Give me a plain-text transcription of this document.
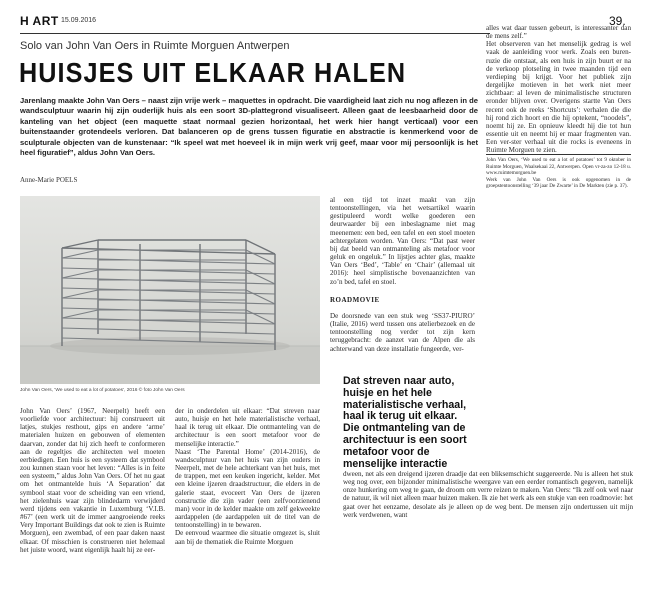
H ART 15.09.2016	39.
Solo van John Van Oers in Ruimte Morguen Antwerpen
HUISJES UIT ELKAAR HALEN
Jarenlang maakte John Van Oers – naast zijn vrije werk – maquettes in opdracht. Die vaardigheid laat zich nu nog aflezen in de wandsculptuur waarin hij zijn ouderlijk huis als een soort 3D-plattegrond visualiseert. Alleen gaat de leesbaarheid door de kanteling van het object (een maquette staat normaal gezien horizontaal, het werk hier hangt verticaal) voor een buitenstaander grotendeels verloren. Dat balanceren op de grens tussen figuratie en abstractie is kenmerkend voor de sculpturale objecten van de kunstenaar: “Ik speel wat met hoeveel ik in mijn werk vrij geef, maar voor mij persoonlijk is het heel figuratief”, aldus John Van Oers.
Anne-Marie POELS
alles wat daar tussen gebeurt, is interessanter dan de mens zelf.”
Het observeren van het menselijk gedrag is wel vaak de aanleiding voor werk. Zoals een buren-ruzie die ontstaat, als een huis in zijn buurt er na de verkoop plotseling in twee maanden tijd een verdieping bij krijgt. Voor het publiek zijn dergelijke motieven in het werk niet meer zichtbaar: al leven de minimalistische structuren eronder blijven over. Overigens startte Van Oers recent ook de reeks ‘Shortcuts’: verhalen die die hij rond zich hoort en die hij optekent, “noodels”, noemt hij ze. En opnieuw kleedt hij die tot hun essentie uit en neemt hij er maar fragmenten van. Een ver-ster verhaal uit die rocks is eveneens in Ruimte Morguen te zien.
John Van Oers, ‘We used to eat a lot of potatoes’ tot 9 oktober in Ruimte Morguen, Waalsekaai 22, Antwerpen. Open vr-za-zo 12-18 u. www.ruimtemorguen.be
Werk van John Van Oers is ook opgenomen in de groepstentoonstelling ‘39 jaar De Zwarte’ in De Markten (zie p. 37).
John Van Oers, ‘We used to eat a lot of potatoes’, 2016 © foto John Van Oers
al een tijd tot inzet maakt van zijn tentoonstellingen, via het wetsartikel waarin gestipuleerd wordt welke goederen een deurwaarder bij een inbeslagname niet mag meenemen: een bed, een tafel en een stoel moeten achtergelaten worden. Van Oers: “Dat past weer bij dat beeld van ontmanteling als metafoor voor geluk en ongeluk.” In lijstjes achter glas, maakte Van Oers ‘Bed’, ‘Table’ en ‘Chair’ (allemaal uit 2016): heel simplistische bovenaanzichten van zo’n bed, tafel en stoel.
ROADMOVIE
De doorsnede van een stuk weg ‘SS37-PIURO’ (Italie, 2016) werd tussen ons atelierbezoek en de tentoonstelling nog verder tot zijn kern teruggebracht: de aanzet van de Alpen die als achterwand van deze installatie fungeerde, ver-
Dat streven naar auto, huisje en het hele materialistische verhaal, haal ik terug uit elkaar. Die ontmanteling van de architectuur is een soort metafoor voor de menselijke interactie
John Van Oers’ (1967, Neerpelt) heeft een voorliefde voor architectuur: hij construeert uit latjes, stukjes resthout, gips en andere ‘arme’ materialen huizen en gebouwen of elementen daarvan, zonder dat hij zich heeft te conformeren aan de regeltjes die architecten wel moeten eerbiedigen. Een huis is een systeem dat symbool zou kunnen staan voor het leven: “Alles is in feite een systeem,” aldus John Van Oers. Of het nu gaat om het ontmantelde huis ‘A Separation’ dat symbool staat voor de scheiding van een vriend, het zielenhuis waar zijn blindedarm verwijderd werd tijdens een vakantie in Luxemburg ‘V.I.B. #67’ (een werk uit de immer aangroeiende reeks Very Important Buildings dat ook te zien is Ruimte Morguen), een zwembad, of een paar daken naast elkaar. Of misschien is construeren niet helemaal het juiste woord, want eigenlijk haalt hij ze eer-
der in onderdelen uit elkaar: “Dat streven naar auto, huisje en het hele materialistische verhaal, haal ik terug uit elkaar. Die ontmanteling van de architectuur is een soort metafoor voor de menselijke interactie.”
Naast ‘The Parental Home’ (2014-2016), de wandsculptuur van het huis van zijn ouders in Neerpelt, met de hele achterkant van het huis, met de trappen, met een keuken ingericht, kelder. Met een kleine ijzeren draadstructuur, die elders in de galerie staat, evoceert Van Oers de ijzeren constructie die zijn vader (een zelfvoorzienend man) voor in de kelder maakte om zelf gekweekte aardappelen (de aardappelen uit de titel van de tentoonstelling) in te bewaren.
De eenvoud waarmee die situatie omgezet is, sluit aan bij de thematiek die Ruimte Morguen
dween, net als een dreigend ijzeren draadje dat een bliksemschicht suggereerde. Nu is alleen het stuk weg nog over, een bijzonder minimalistische weergave van een eerder romantisch gegeven, namelijk onze hunkering om weg te gaan, de droom om verre reizen te maken. Van Oers: “Ik zelf ook wel naar de natuur, ik wil niet alleen maar huizen maken. Ik zie het werk als een stukje van een roadmovie: het gaat over het eenzame, desolate als je alleen op de weg bent. De mensen zijn ondertussen uit mijn werk verdwenen, want
